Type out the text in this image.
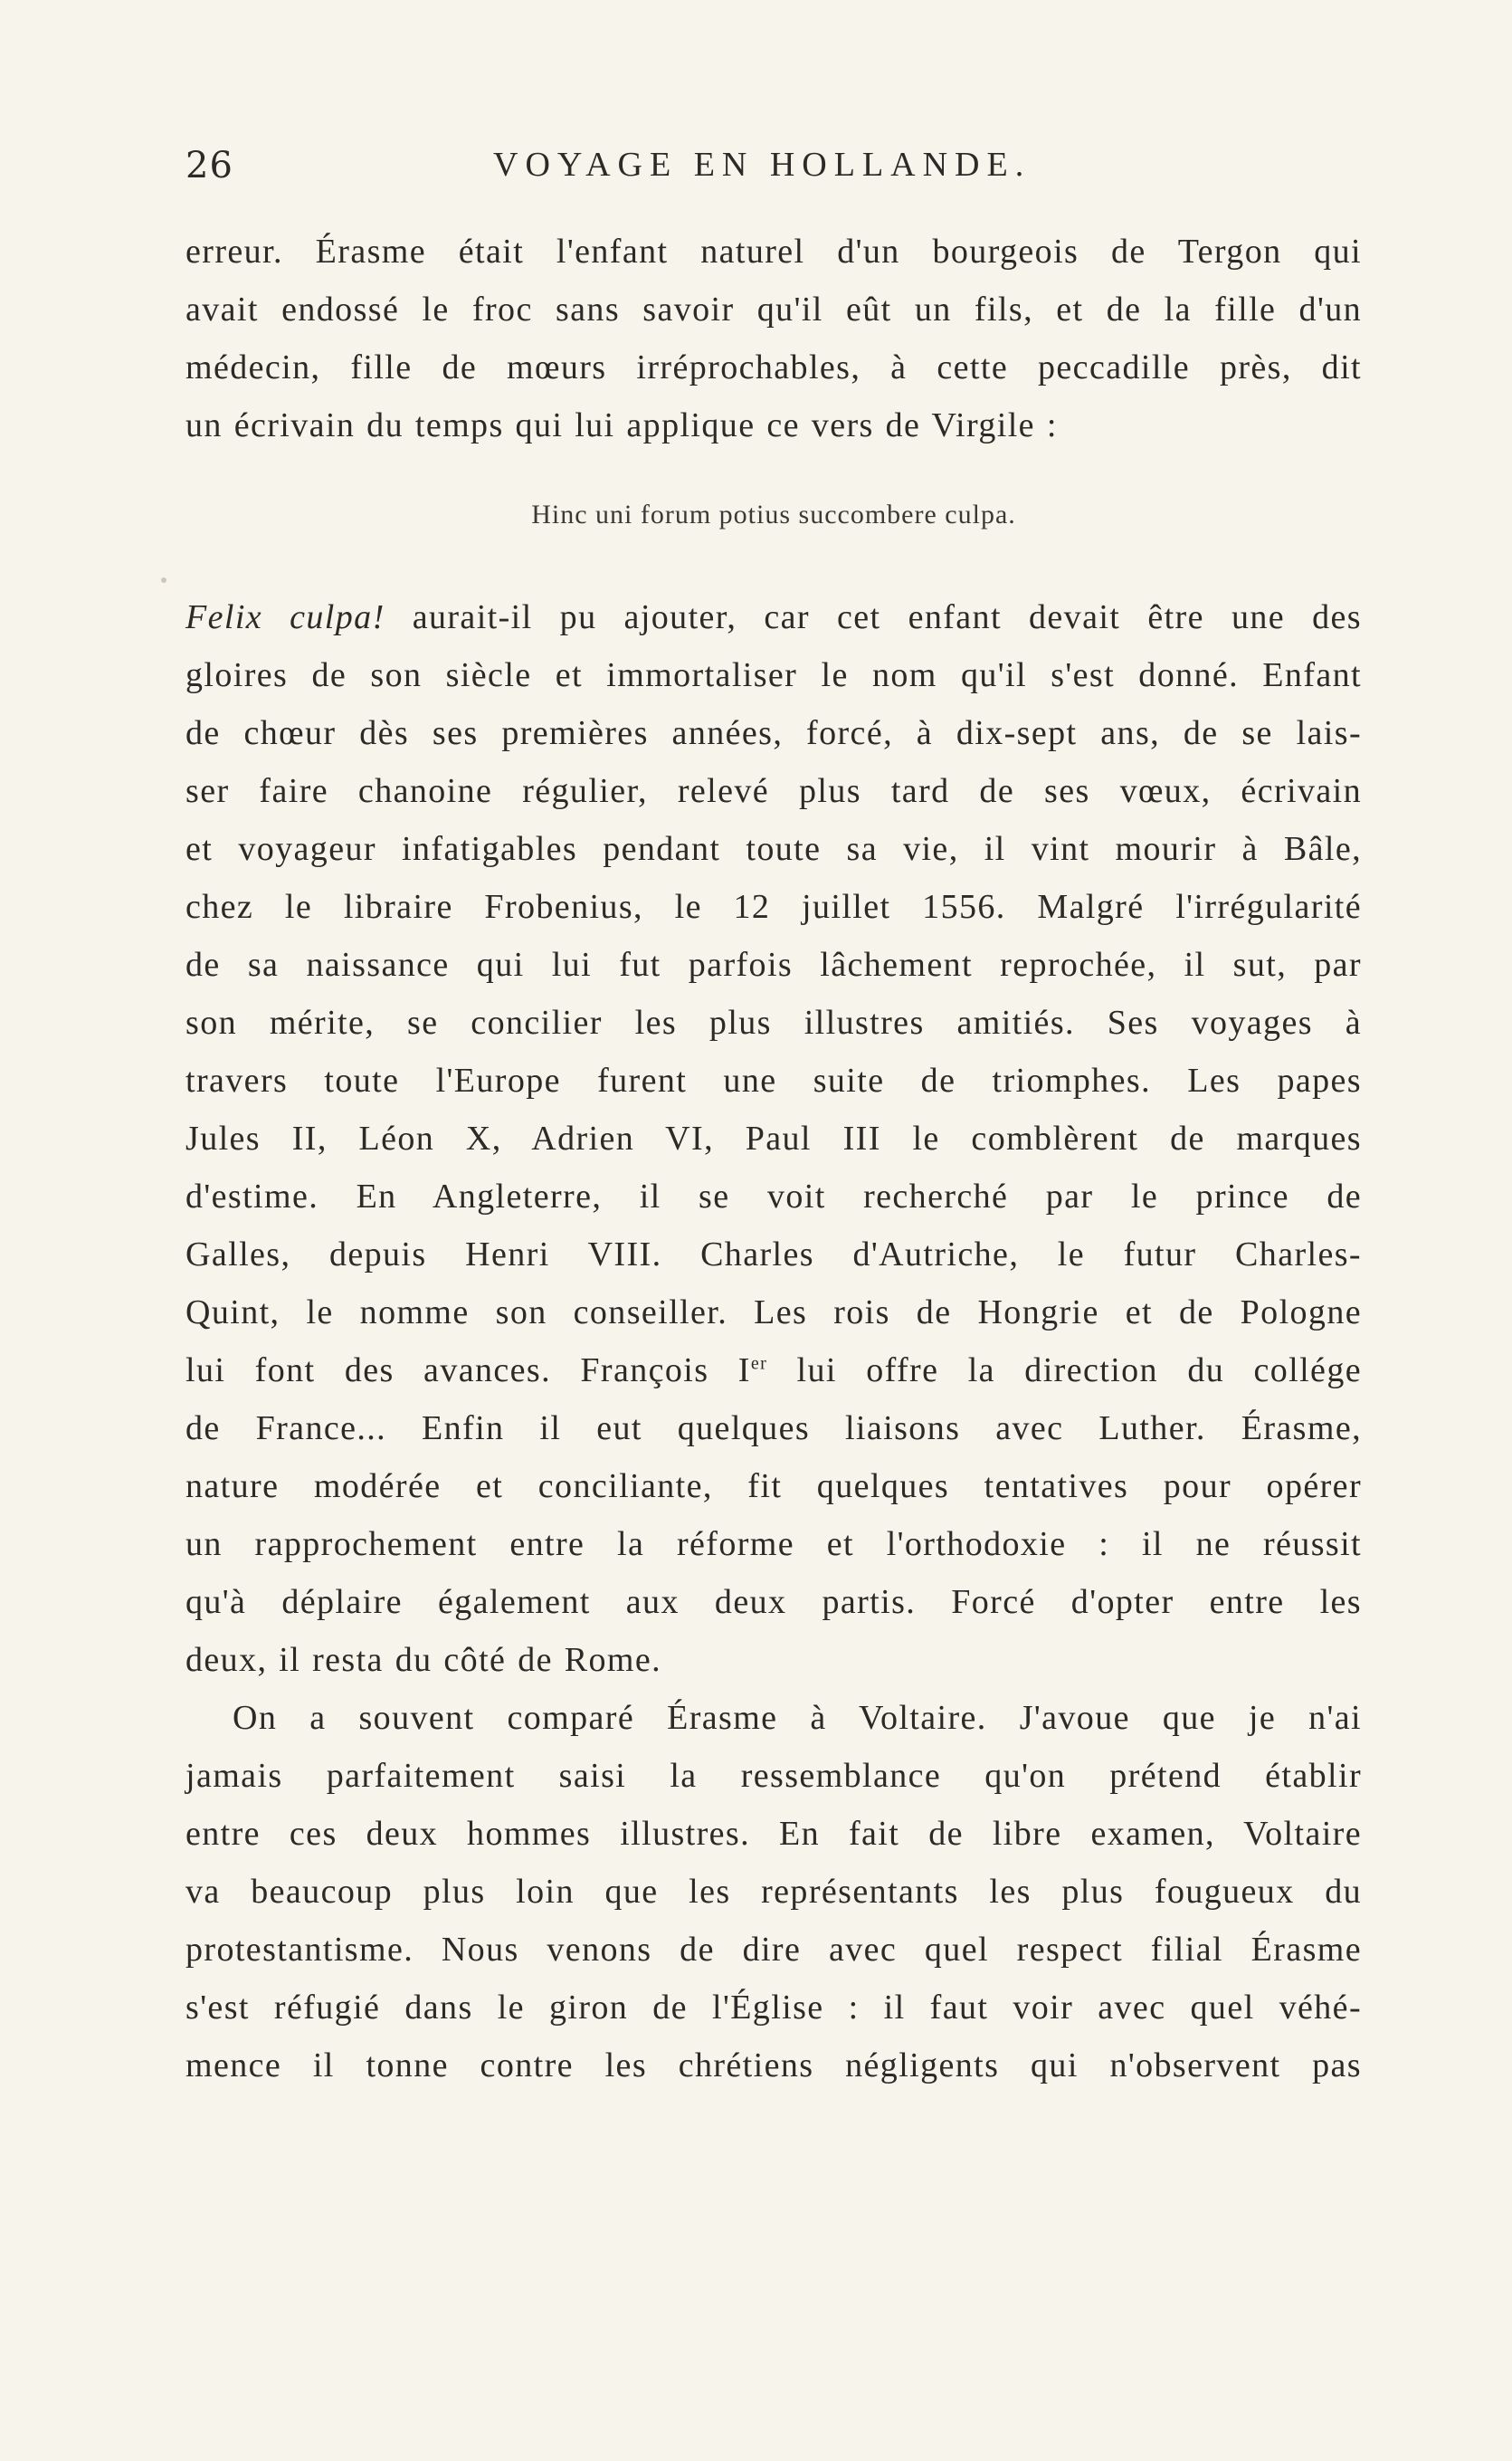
26	VOYAGE EN HOLLANDE.
erreur. Érasme était l'enfant naturel d'un bourgeois de Tergon qui
avait endossé le froc sans savoir qu'il eût un fils, et de la fille d'un
médecin, fille de mœurs irréprochables, à cette peccadille près, dit
un écrivain du temps qui lui applique ce vers de Virgile :
Hinc uni forum potius succombere culpa.
Felix culpa! aurait-il pu ajouter, car cet enfant devait être une des
gloires de son siècle et immortaliser le nom qu'il s'est donné. Enfant
de chœur dès ses premières années, forcé, à dix-sept ans, de se lais-
ser faire chanoine régulier, relevé plus tard de ses vœux, écrivain
et voyageur infatigables pendant toute sa vie, il vint mourir à Bâle,
chez le libraire Frobenius, le 12 juillet 1556. Malgré l'irrégularité
de sa naissance qui lui fut parfois lâchement reprochée, il sut, par
son mérite, se concilier les plus illustres amitiés. Ses voyages à
travers toute l'Europe furent une suite de triomphes. Les papes
Jules II, Léon X, Adrien VI, Paul III le comblèrent de marques
d'estime. En Angleterre, il se voit recherché par le prince de
Galles, depuis Henri VIII. Charles d'Autriche, le futur Charles-
Quint, le nomme son conseiller. Les rois de Hongrie et de Pologne
lui font des avances. François Ier lui offre la direction du collége
de France... Enfin il eut quelques liaisons avec Luther. Érasme,
nature modérée et conciliante, fit quelques tentatives pour opérer
un rapprochement entre la réforme et l'orthodoxie : il ne réussit
qu'à déplaire également aux deux partis. Forcé d'opter entre les
deux, il resta du côté de Rome.
On a souvent comparé Érasme à Voltaire. J'avoue que je n'ai
jamais parfaitement saisi la ressemblance qu'on prétend établir
entre ces deux hommes illustres. En fait de libre examen, Voltaire
va beaucoup plus loin que les représentants les plus fougueux du
protestantisme. Nous venons de dire avec quel respect filial Érasme
s'est réfugié dans le giron de l'Église : il faut voir avec quel véhé-
mence il tonne contre les chrétiens négligents qui n'observent pas
